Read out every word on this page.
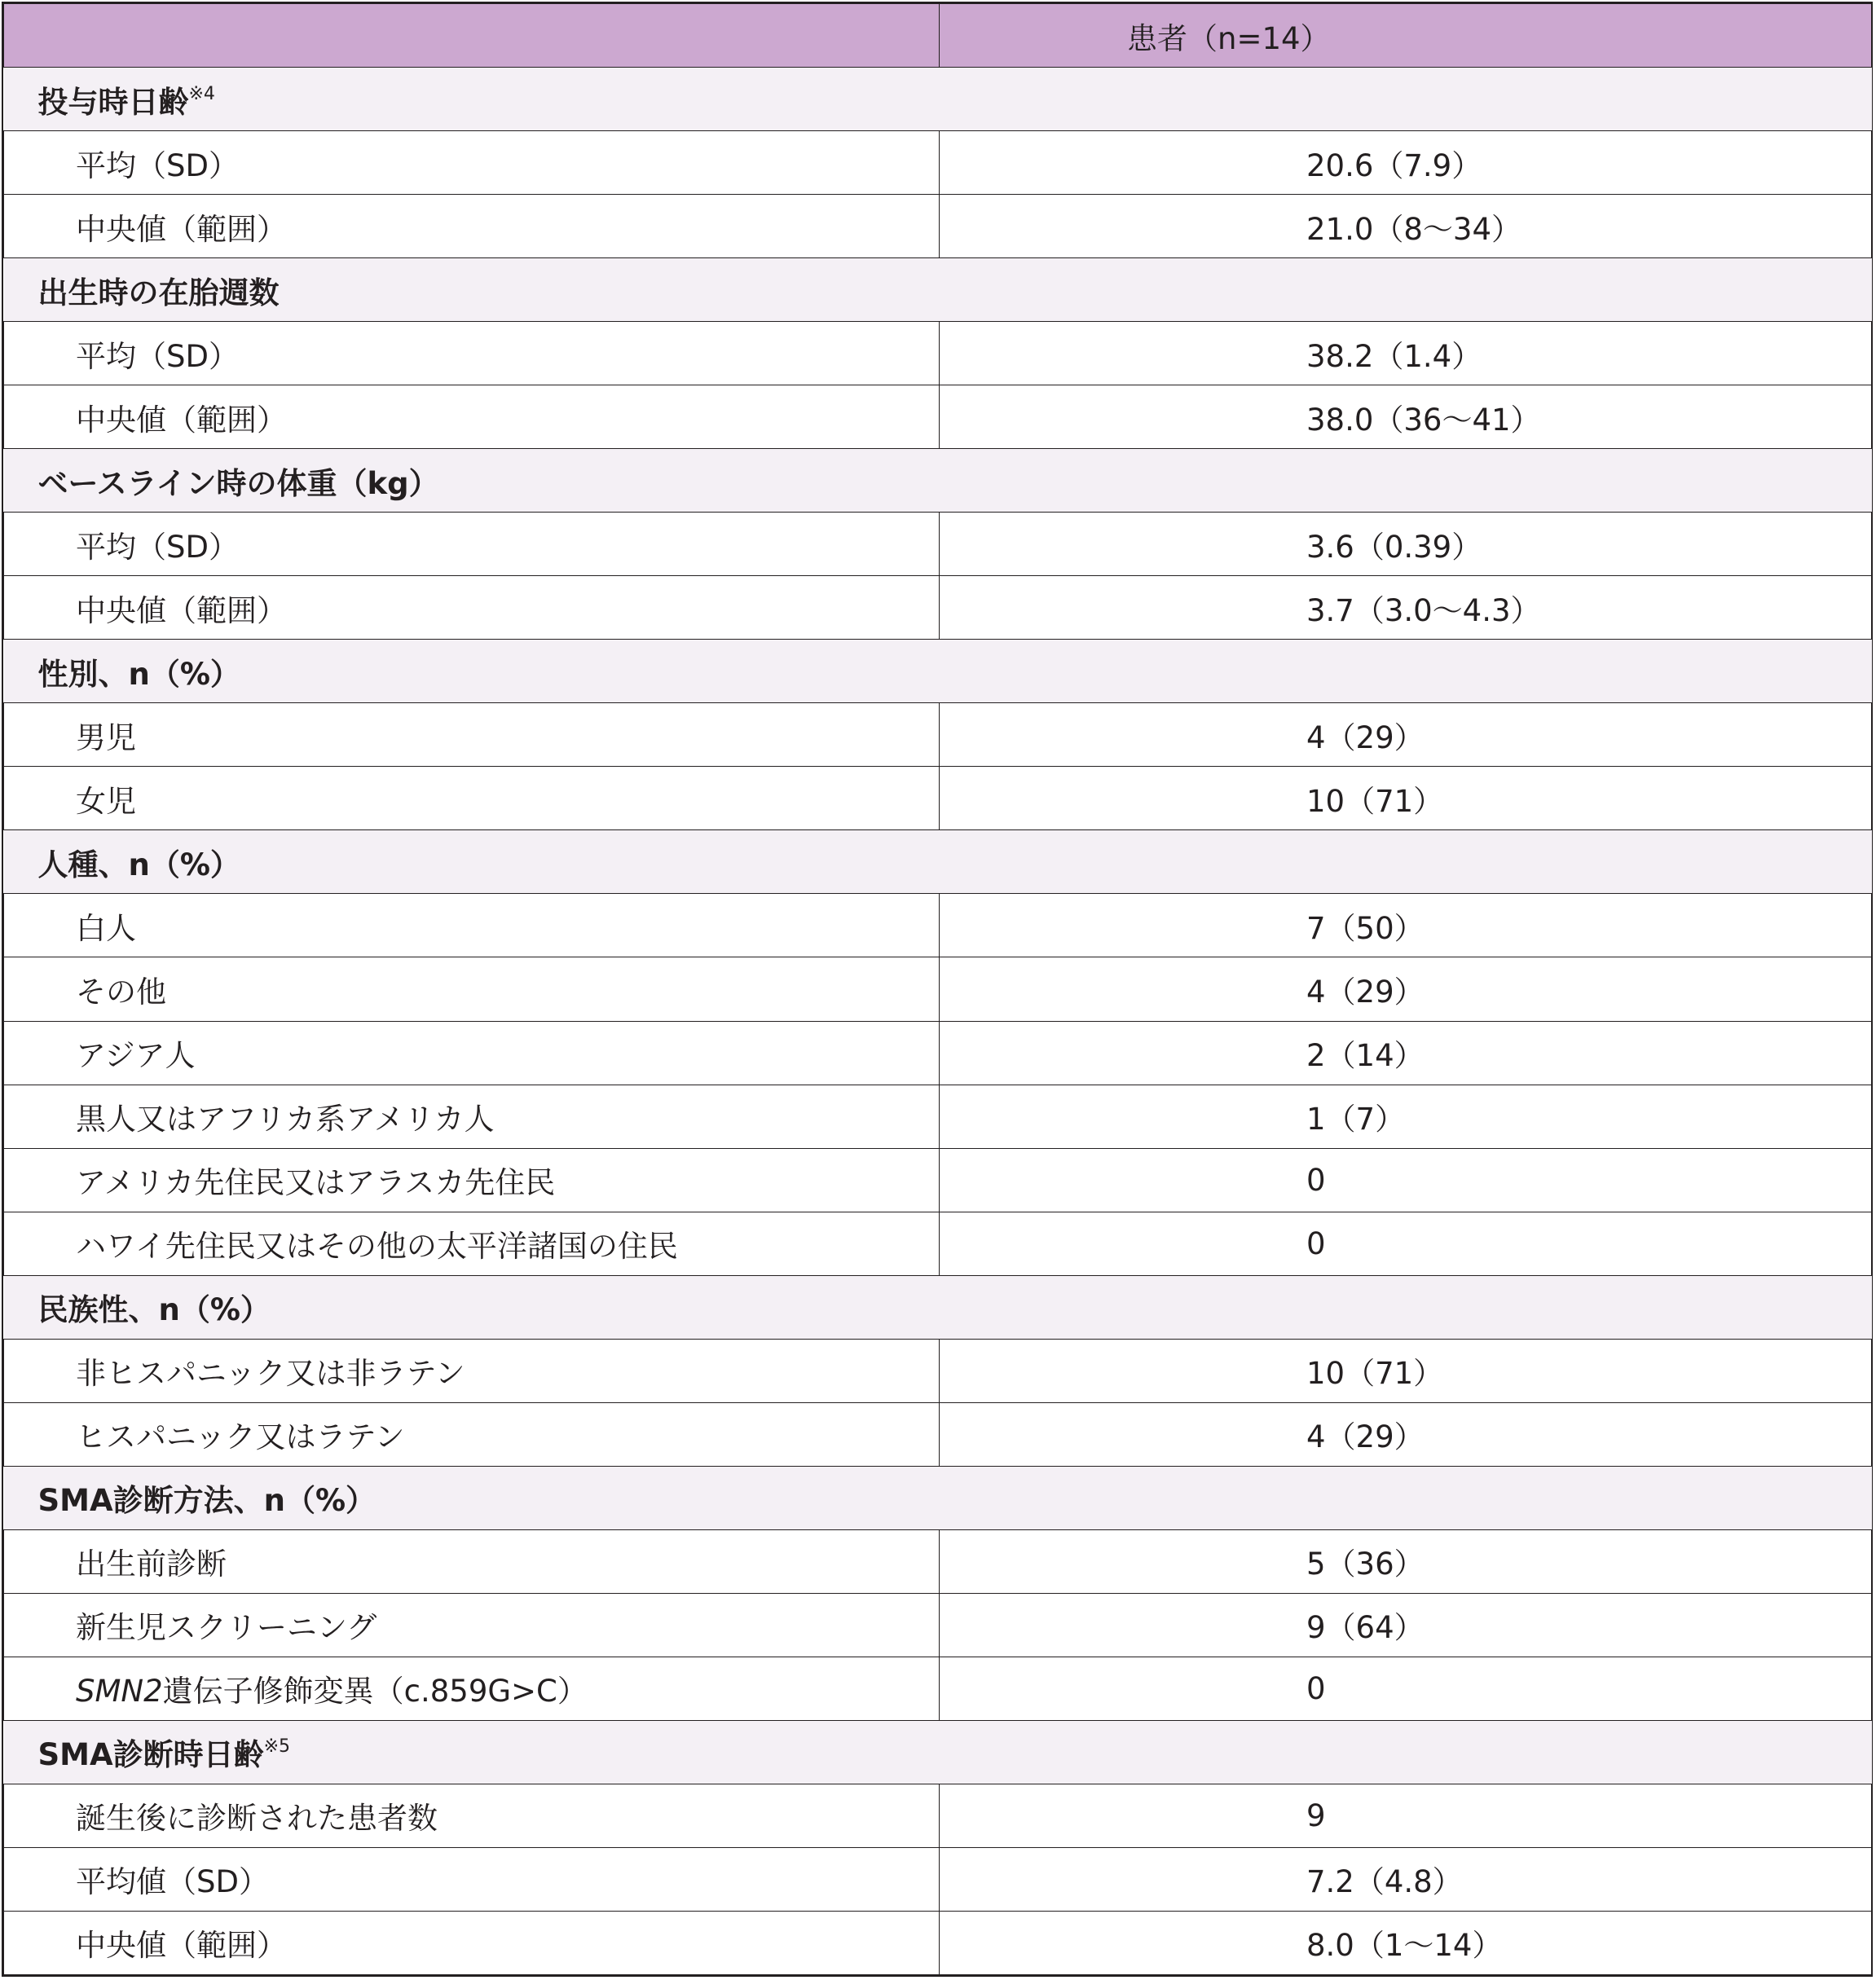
	患者（n=14）
投与時日齢$^{※4}$
平均（SD）	20.6（7.9）
中央値（範囲）	21.0（8～34）
出生時の在胎週数	
平均（SD）	38.2（1.4）
中央値（範囲）	38.0（36～41）
ベースライン時の体重（kg）	
平均（SD）	3.6（0.39）
中央値（範囲）	3.7（3.0～4.3）
性別、n（%）	
男児	4（29）
女児	10（71）
人種、n（%）	
白人	7（50）
その他	4（29）
アジア人	2（14）
黒人又はアフリカ系アメリカ人	1（7）
アメリカ先住民又はアラスカ先住民	0
ハワイ先住民又はその他の太平洋諸国の住民	0
民族性、n（%）	
非ヒスパニック又は非ラテン	10（71）
ヒスパニック又はラテン	4（29）
SMA診断方法、n（%）	
出生前診断	5（36）
新生児スクリーニング	9（64）
SMN2遺伝子修飾変異（c.859G>C）	0
SMA診断時日齢$^{※5}$
誕生後に診断された患者数	9
平均値（SD）	7.2（4.8）
中央値（範囲）	8.0（1～14）
